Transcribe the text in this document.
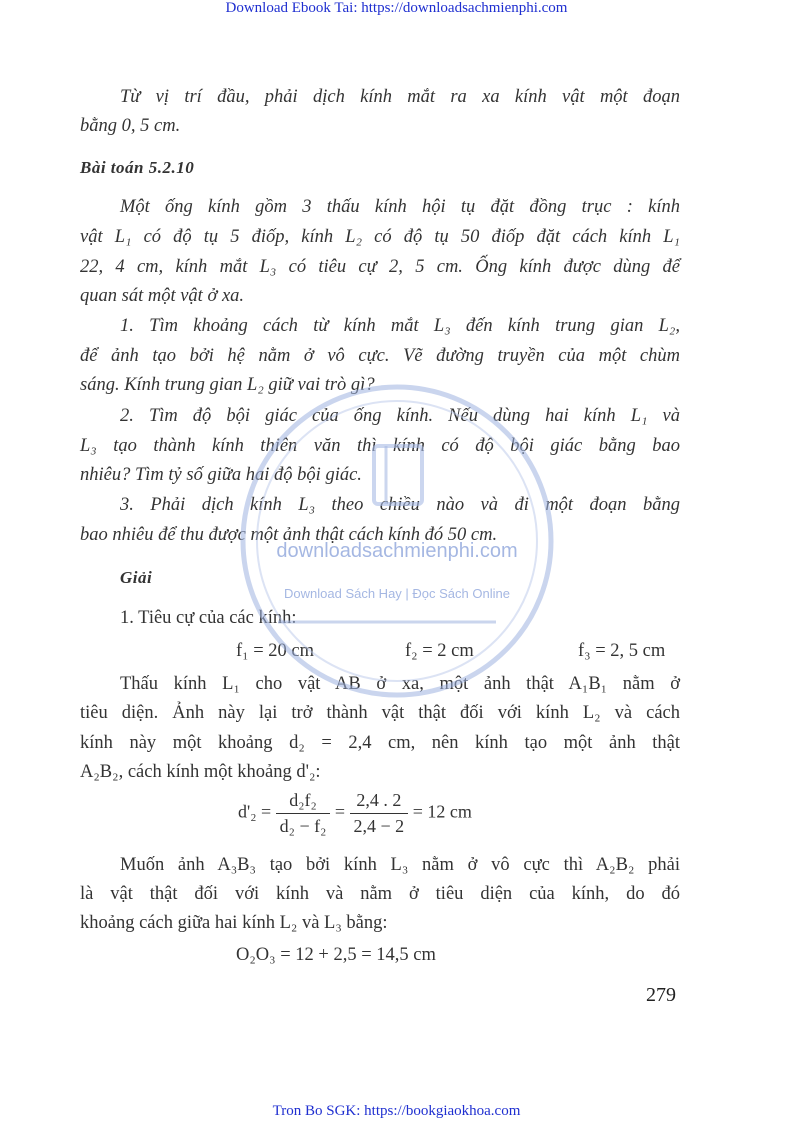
Download Ebook Tai: https://downloadsachmienphi.com
Từ vị trí đầu, phải dịch kính mắt ra xa kính vật một đoạn
bằng 0, 5 cm.
Bài toán 5.2.10
Một ống kính gồm 3 thấu kính hội tụ đặt đồng trục : kính
vật L₁ có độ tụ 5 điốp, kính L₂ có độ tụ 50 điốp đặt cách kính L₁
22, 4 cm, kính mắt L₃ có tiêu cự 2, 5 cm. Ống kính được dùng để
quan sát một vật ở xa.
1. Tìm khoảng cách từ kính mắt L₃ đến kính trung gian L₂,
để ảnh tạo bởi hệ nằm ở vô cực. Vẽ đường truyền của một chùm
sáng. Kính trung gian L₂ giữ vai trò gì?
2. Tìm độ bội giác của ống kính. Nếu dùng hai kính L₁ và
L₃ tạo thành kính thiên văn thì kính có độ bội giác bằng bao
nhiêu? Tìm tỷ số giữa hai độ bội giác.
3. Phải dịch kính L₃ theo chiều nào và đi một đoạn bằng
bao nhiêu để thu được một ảnh thật cách kính đó 50 cm.
Giải
1. Tiêu cự của các kính:
f₁ = 20 cm	f₂ = 2 cm	f₃ = 2, 5 cm
Thấu kính L₁ cho vật AB ở xa, một ảnh thật A₁B₁ nằm ở
tiêu diện. Ảnh này lại trở thành vật thật đối với kính L₂ và cách
kính này một khoảng d₂ = 2,4 cm, nên kính tạo một ảnh thật
A₂B₂, cách kính một khoảng d'₂:
$d'_2 = \frac{\text{d₂f₂}}{\text{d₂ − f₂}} = \frac{2,4 . 2}{2,4 - 2} = 12$ cm
Muốn ảnh A₃B₃ tạo bởi kính L₃ nằm ở vô cực thì A₂B₂ phải
là vật thật đối với kính và nằm ở tiêu diện của kính, do đó
khoảng cách giữa hai kính L₂ và L₃ bằng:
O₂O₃ = 12 + 2,5 = 14,5 cm
279
downloadsachmienphi.com
Download Sách Hay | Đọc Sách Online
Tron Bo SGK: https://bookgiaokhoa.com
